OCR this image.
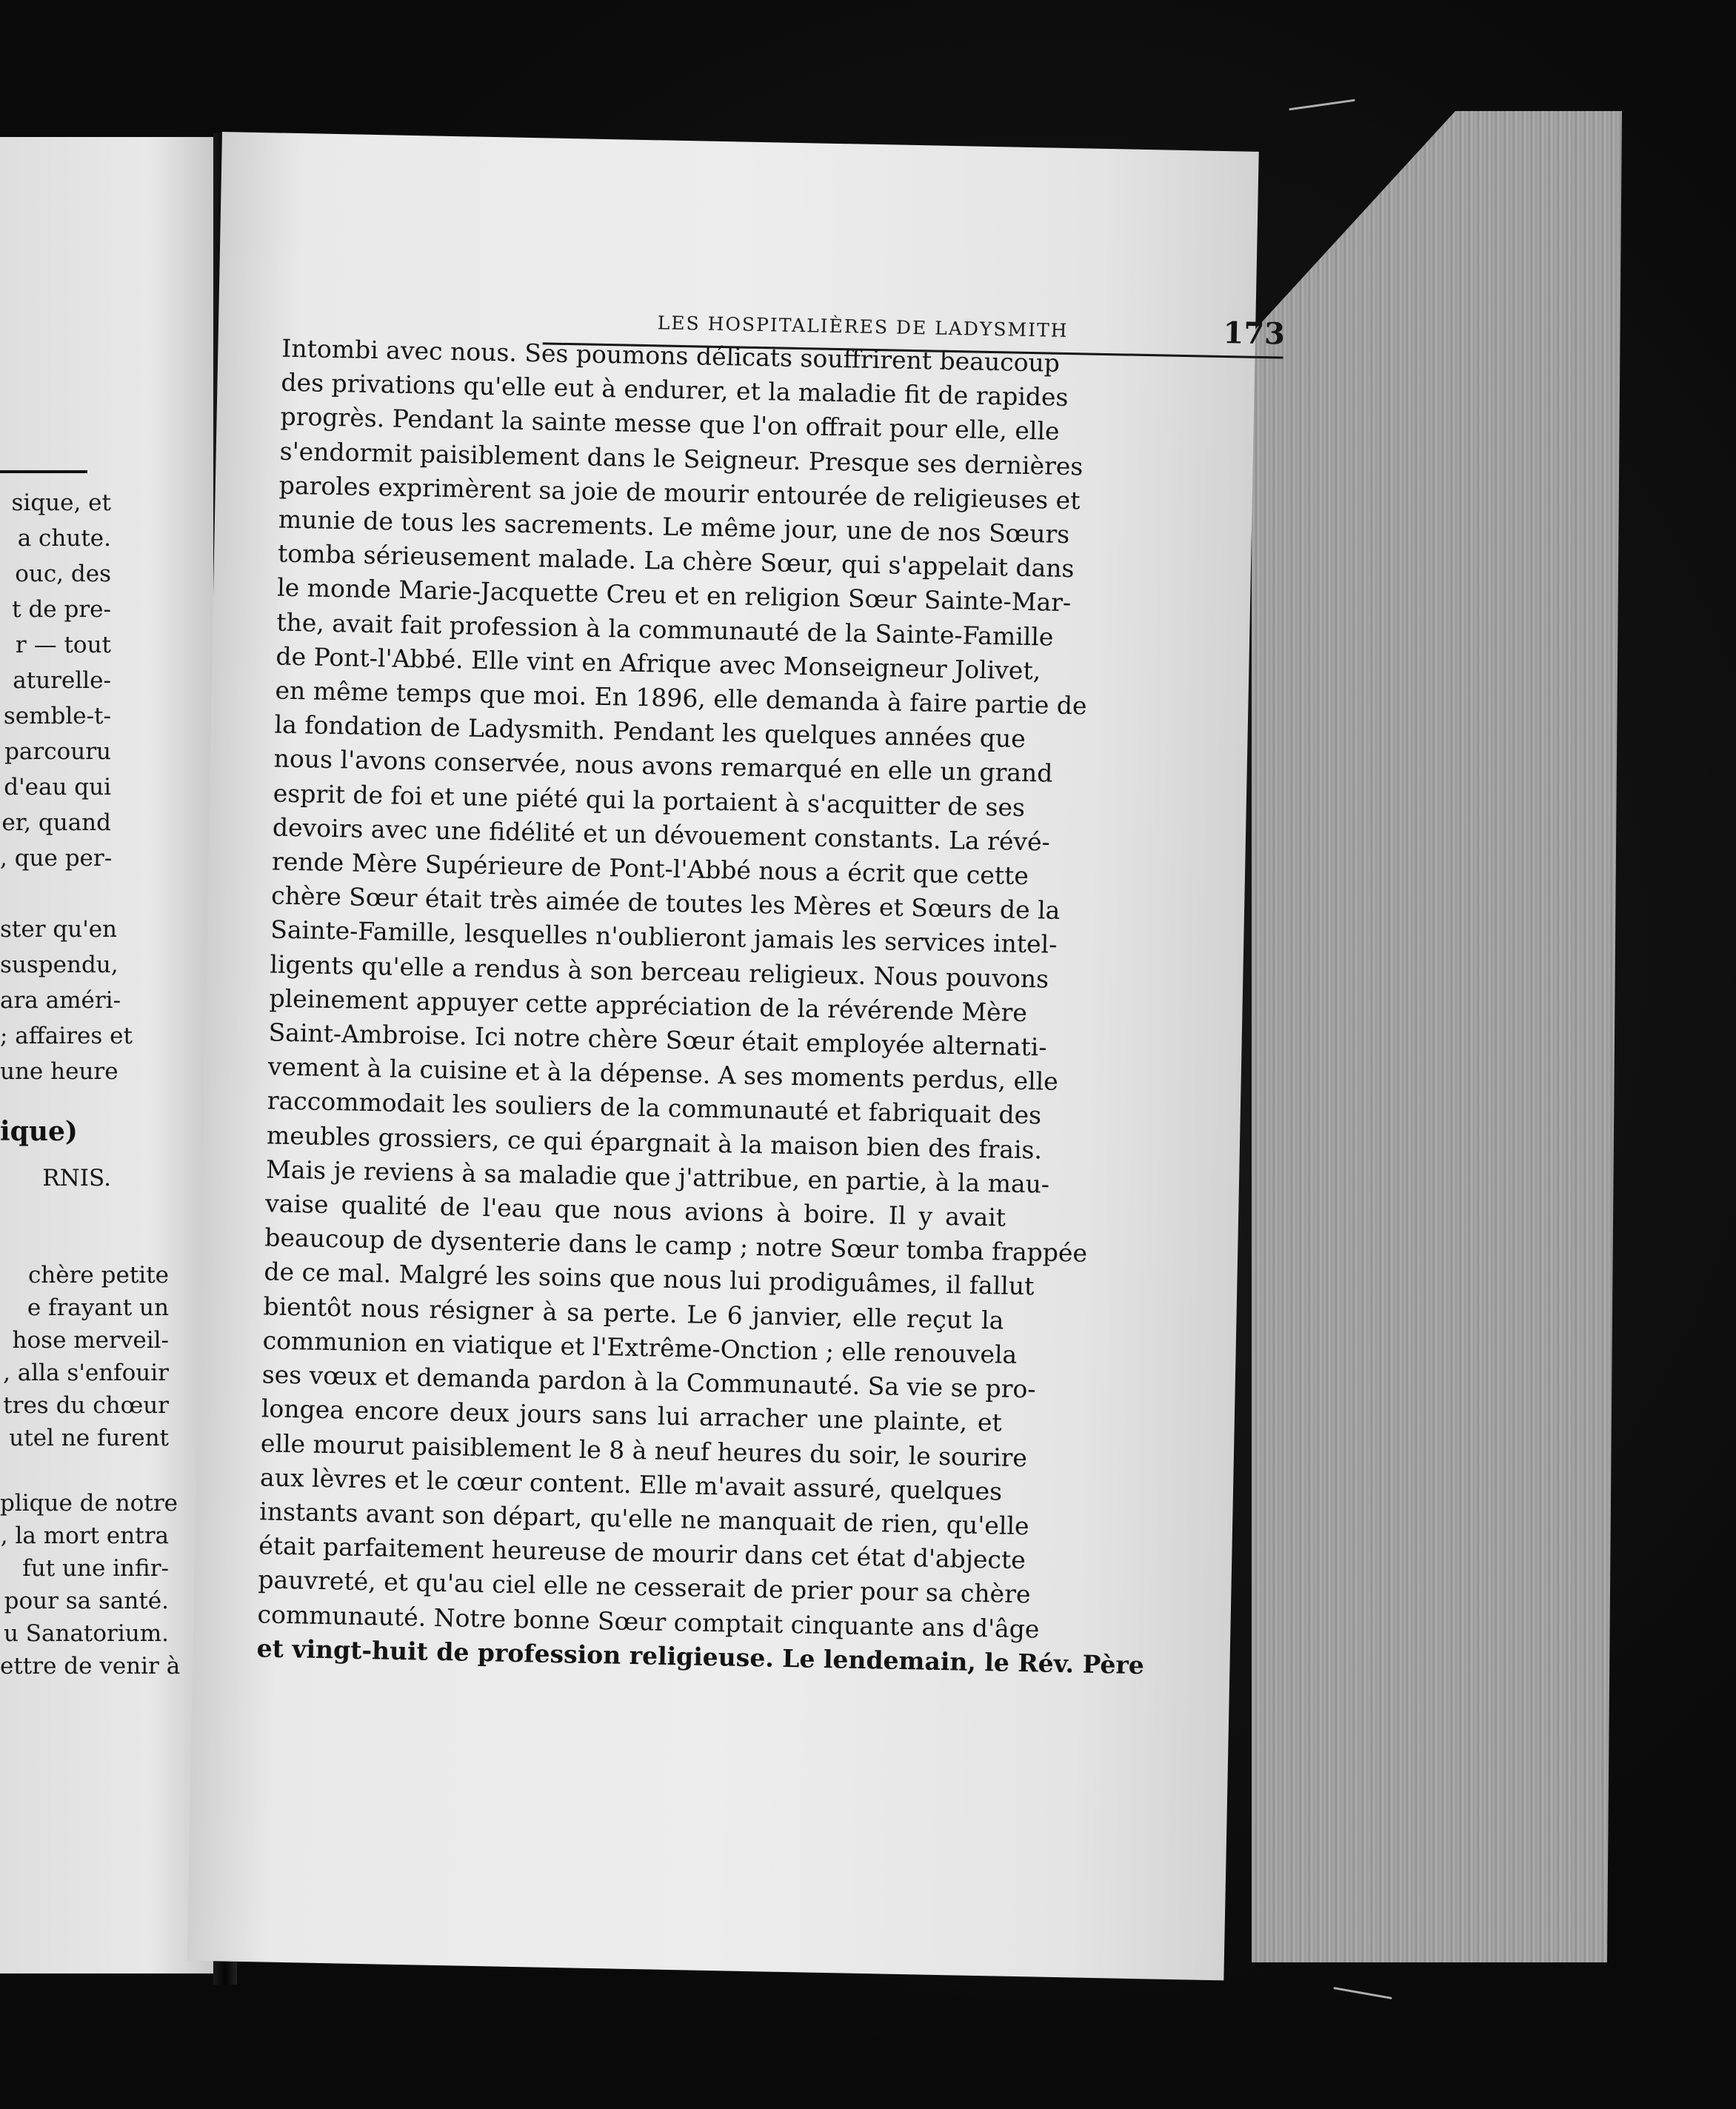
sique, et
a chute.
ouc, des
t de pre-
r — tout
aturelle-
semble-t-
parcouru
d'eau qui
er, quand
, que per-

ster qu'en
suspendu,
ara améri-
; affaires et
une heure

RNIS.
ique)
chère petite
e frayant un
hose merveil-
, alla s'enfouir
tres du chœur
utel ne furent

plique de notre
, la mort entra
fut une infir-
pour sa santé.
u Sanatorium.
ettre de venir à
LES HOSPITALIÈRES DE LADYSMITH	173
Intombi avec nous. Ses poumons délicats souffrirent beaucoup
des privations qu'elle eut à endurer, et la maladie fit de rapides
progrès. Pendant la sainte messe que l'on offrait pour elle, elle
s'endormit paisiblement dans le Seigneur. Presque ses dernières
paroles exprimèrent sa joie de mourir entourée de religieuses et
munie de tous les sacrements. Le même jour, une de nos Sœurs
tomba sérieusement malade. La chère Sœur, qui s'appelait dans
le monde Marie-Jacquette Creu et en religion Sœur Sainte-Mar-
the, avait fait profession à la communauté de la Sainte-Famille
de Pont-l'Abbé. Elle vint en Afrique avec Monseigneur Jolivet,
en même temps que moi. En 1896, elle demanda à faire partie de
la fondation de Ladysmith. Pendant les quelques années que
nous l'avons conservée, nous avons remarqué en elle un grand
esprit de foi et une piété qui la portaient à s'acquitter de ses
devoirs avec une fidélité et un dévouement constants. La révé-
rende Mère Supérieure de Pont-l'Abbé nous a écrit que cette
chère Sœur était très aimée de toutes les Mères et Sœurs de la
Sainte-Famille, lesquelles n'oublieront jamais les services intel-
ligents qu'elle a rendus à son berceau religieux. Nous pouvons
pleinement appuyer cette appréciation de la révérende Mère
Saint-Ambroise. Ici notre chère Sœur était employée alternati-
vement à la cuisine et à la dépense. A ses moments perdus, elle
raccommodait les souliers de la communauté et fabriquait des
meubles grossiers, ce qui épargnait à la maison bien des frais.
Mais je reviens à sa maladie que j'attribue, en partie, à la mau-
vaise qualité de l'eau que nous avions à boire. Il y avait
beaucoup de dysenterie dans le camp ; notre Sœur tomba frappée
de ce mal. Malgré les soins que nous lui prodiguâmes, il fallut
bientôt nous résigner à sa perte. Le 6 janvier, elle reçut la
communion en viatique et l'Extrême-Onction ; elle renouvela
ses vœux et demanda pardon à la Communauté. Sa vie se pro-
longea encore deux jours sans lui arracher une plainte, et
elle mourut paisiblement le 8 à neuf heures du soir, le sourire
aux lèvres et le cœur content. Elle m'avait assuré, quelques
instants avant son départ, qu'elle ne manquait de rien, qu'elle
était parfaitement heureuse de mourir dans cet état d'abjecte
pauvreté, et qu'au ciel elle ne cesserait de prier pour sa chère
communauté. Notre bonne Sœur comptait cinquante ans d'âge
et vingt-huit de profession religieuse. Le lendemain, le Rév. Père
